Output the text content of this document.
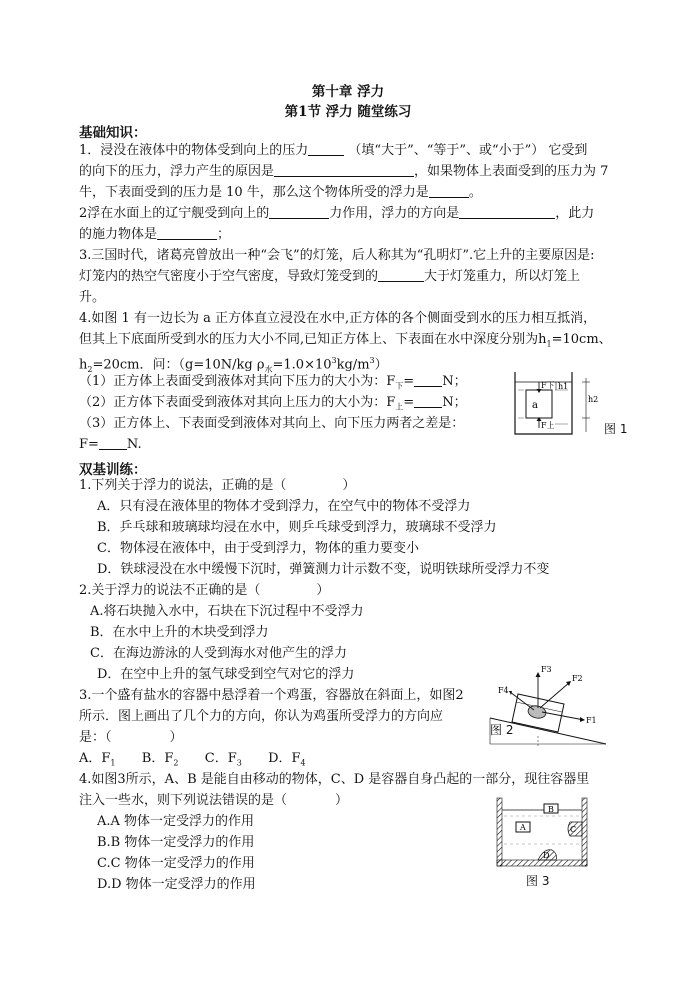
第十章 浮力
第1节 浮力 随堂练习
基础知识：
1．浸没在液体中的物体受到向上的压力	（填“大于”、“等于”、或“小于”） 它受到
的向下的压力，浮力产生的原因是	，如果物体上表面受到的压力为 7
牛，下表面受到的压力是 10 牛，那么这个物体所受的浮力是	。
2浮在水面上的辽宁舰受到向上的	力作用，浮力的方向是	，此力
的施力物体是	；
3.三国时代，诸葛亮曾放出一种“会飞”的灯笼，后人称其为“孔明灯”.它上升的主要原因是:
灯笼内的热空气密度小于空气密度，导致灯笼受到的	大于灯笼重力，所以灯笼上
升。
4.如图 1 有一边长为 a 正方体直立浸没在水中,正方体的各个侧面受到水的压力相互抵消，
但其上下底面所受到水的压力大小不同,已知正方体上、下表面在水中深度分别为$h_1=10cm$、
$h_2=20cm$．问：（g=10N/kg $\rho_水=1.0\times 10^3kg/m^3$）
（1）正方体上表面受到液体对其向下压力的大小为：$F_下= N$；
（2）正方体下表面受到液体对其向上压力的大小为：$F_上= N$；
（3）正方体上、下表面受到液体对其向上、向下压力两者之差是：
F= N.
a
F下
F上
h1
h2
图 1
双基训练：
1.下列关于浮力的说法，正确的是（	）
A．只有浸在液体里的物体才受到浮力，在空气中的物体不受浮力
B．乒乓球和玻璃球均浸在水中，则乒乓球受到浮力，玻璃球不受浮力
C．物体浸在液体中，由于受到浮力，物体的重力要变小
D．铁球浸没在水中缓慢下沉时，弹簧测力计示数不变，说明铁球所受浮力不变
2.关于浮力的说法不正确的是（	）
A.将石块抛入水中，石块在下沉过程中不受浮力
B．在水中上升的木块受到浮力
C．在海边游泳的人受到海水对他产生的浮力
D．在空中上升的氢气球受到空气对它的浮力
3.一个盛有盐水的容器中悬浮着一个鸡蛋，容器放在斜面上，如图2
所示．图上画出了几个力的方向，你认为鸡蛋所受浮力的方向应
是：（	）
A．$F_1$ B．$F_2$ C．$F_3$ D．$F_4$
F1
F2
F3
F4
图 2
4.如图3所示，A、B 是能自由移动的物体，C、D 是容器自身凸起的一部分，现往容器里
注入一些水，则下列说法错误的是（	）
A.A 物体一定受浮力的作用
B.B 物体一定受浮力的作用
C.C 物体一定受浮力的作用
D.D 物体一定受浮力的作用
B
A	C
D
图 3
